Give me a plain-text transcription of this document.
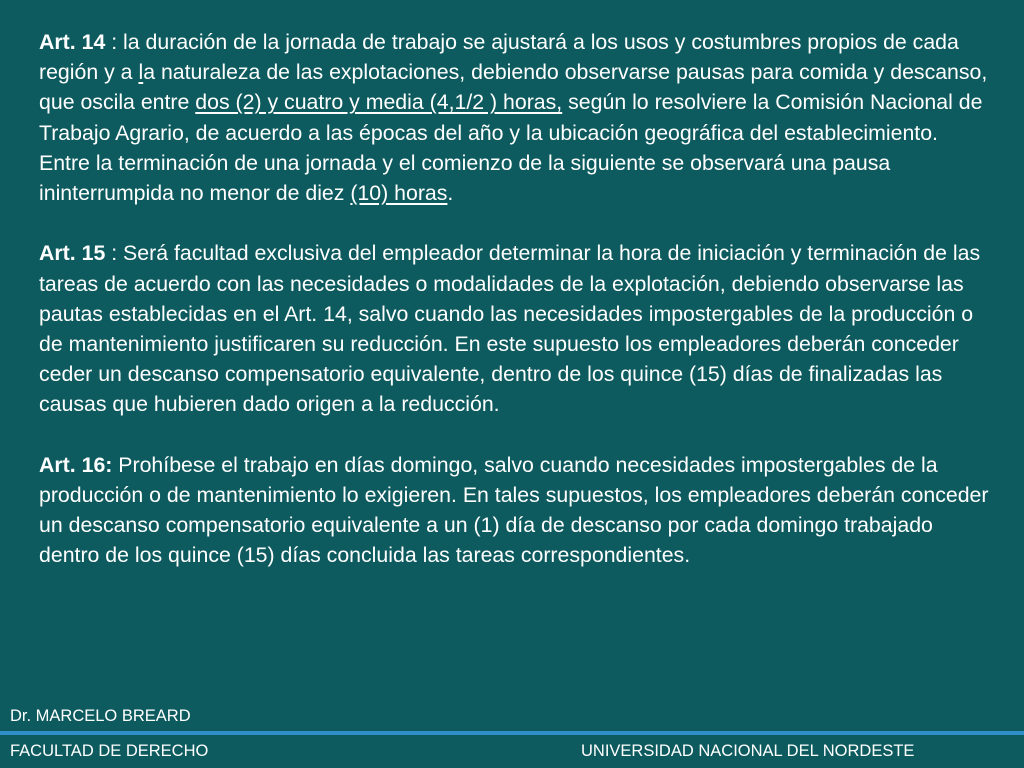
Art. 14 : la duración de la jornada de trabajo se ajustará a los usos y costumbres propios de cada región y a la naturaleza de las explotaciones, debiendo observarse pausas para comida y descanso, que oscila entre dos (2) y cuatro y media (4,1/2 ) horas, según lo resolviere la Comisión Nacional de Trabajo Agrario, de acuerdo a las épocas del año y la ubicación geográfica del establecimiento.

Entre la terminación de una jornada y el comienzo de la siguiente se observará una pausa ininterrumpida no menor de diez (10) horas.

Art. 15 : Será facultad exclusiva del empleador determinar la hora de iniciación y terminación de las tareas de acuerdo con las necesidades o modalidades de la explotación, debiendo observarse las pautas establecidas en el Art. 14, salvo cuando las necesidades impostergables de la producción o de mantenimiento justificaren su reducción. En este supuesto los empleadores deberán conceder ceder un descanso compensatorio equivalente, dentro de los quince (15) días de finalizadas las causas que hubieren dado origen a la reducción.

Art. 16: Prohíbese el trabajo en días domingo, salvo cuando necesidades impostergables de la producción o de mantenimiento lo exigieren. En tales supuestos, los empleadores deberán conceder un descanso compensatorio equivalente a un (1) día de descanso por cada domingo trabajado dentro de los quince (15) días concluida las tareas correspondientes.

Dr. MARCELO BREARD
FACULTAD DE DERECHO	UNIVERSIDAD NACIONAL DEL NORDESTE
